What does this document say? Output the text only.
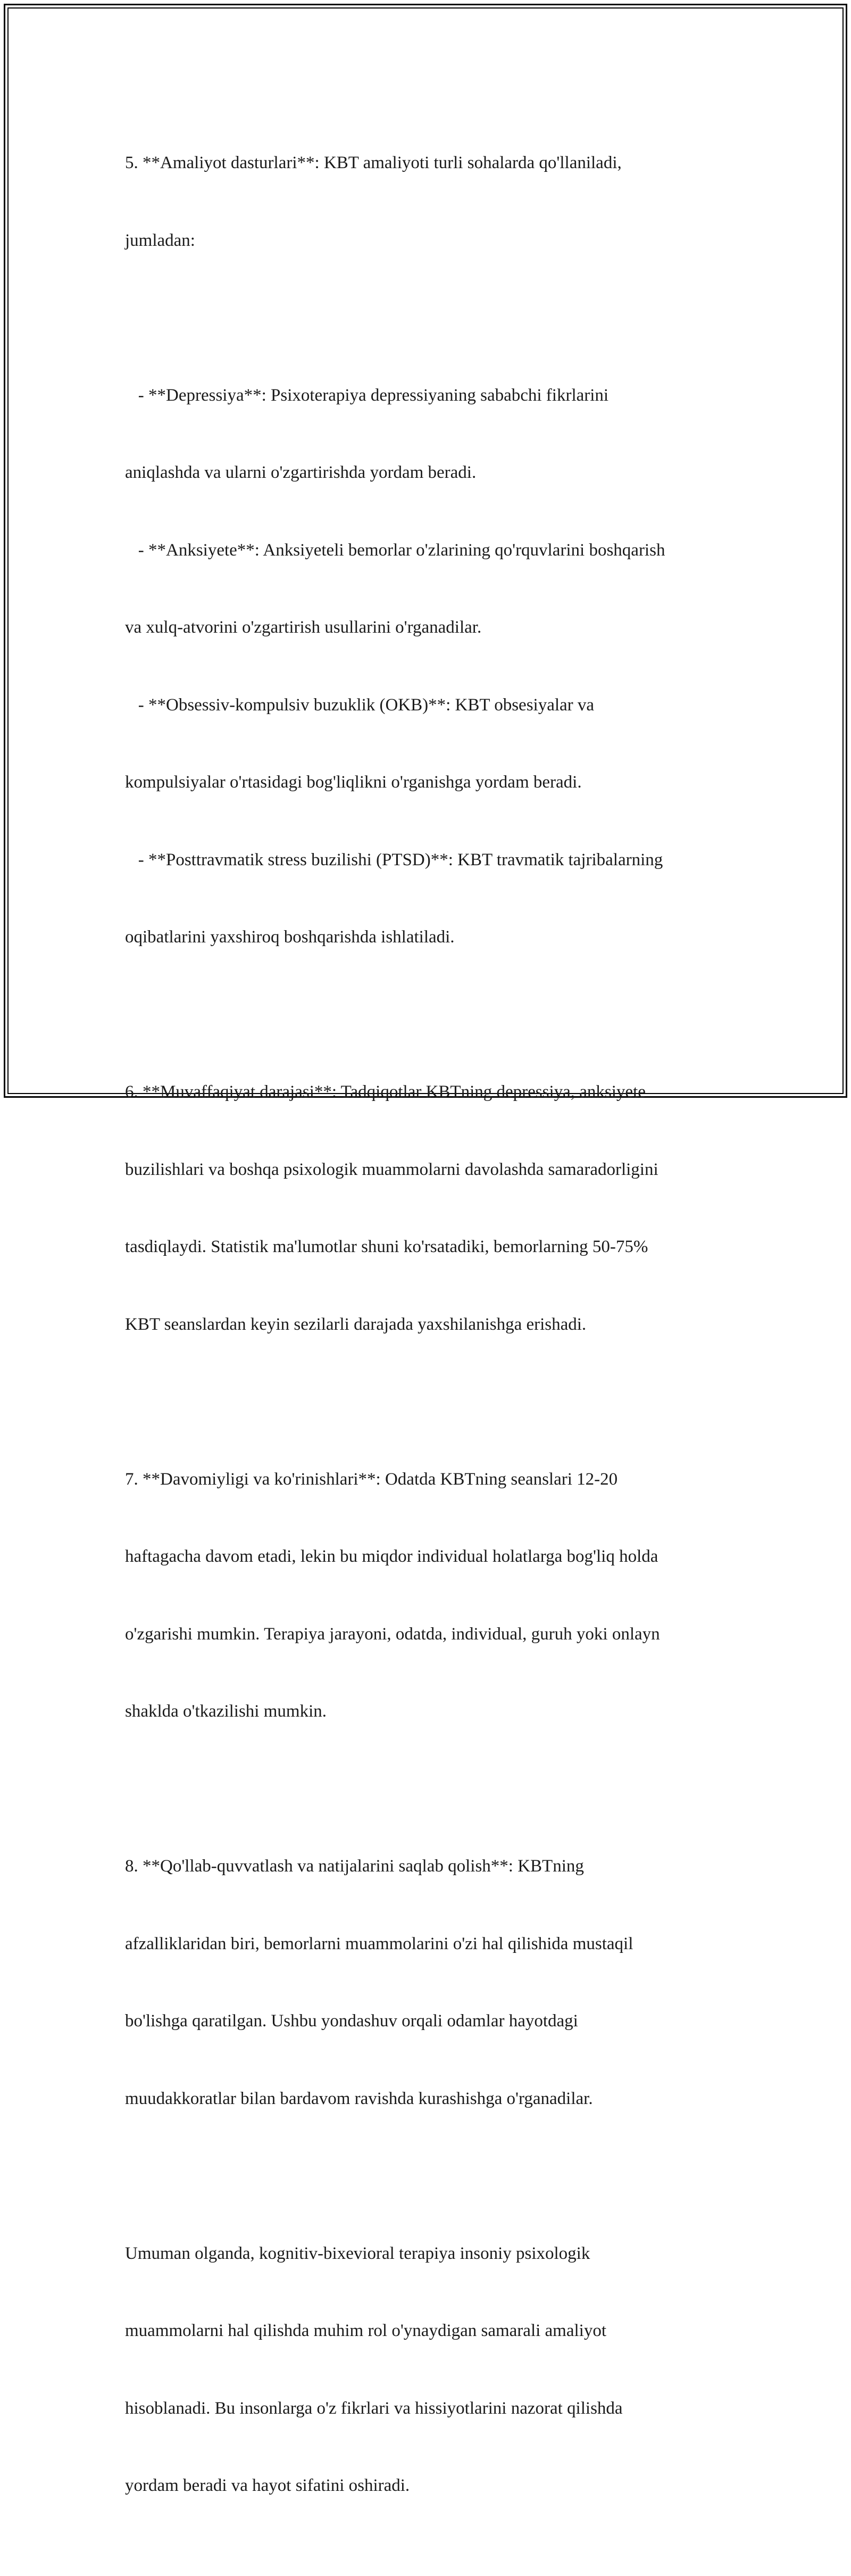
5. **Amaliyot dasturlari**: KBT amaliyoti turli sohalarda qo'llaniladi,

jumladan:

- **Depressiya**: Psixoterapiya depressiyaning sababchi fikrlarini

aniqlashda va ularni o'zgartirishda yordam beradi.

- **Anksiyete**: Anksiyeteli bemorlar o'zlarining qo'rquvlarini boshqarish

va xulq-atvorini o'zgartirish usullarini o'rganadilar.

- **Obsessiv-kompulsiv buzuklik (OKB)**: KBT obsesiyalar va

kompulsiyalar o'rtasidagi bog'liqlikni o'rganishga yordam beradi.

- **Posttravmatik stress buzilishi (PTSD)**: KBT travmatik tajribalarning

oqibatlarini yaxshiroq boshqarishda ishlatiladi.

6. **Muvaffaqiyat darajasi**: Tadqiqotlar KBTning depressiya, anksiyete

buzilishlari va boshqa psixologik muammolarni davolashda samaradorligini

tasdiqlaydi. Statistik ma'lumotlar shuni ko'rsatadiki, bemorlarning 50-75%

KBT seanslardan keyin sezilarli darajada yaxshilanishga erishadi.

7. **Davomiyligi va ko'rinishlari**: Odatda KBTning seanslari 12-20

haftagacha davom etadi, lekin bu miqdor individual holatlarga bog'liq holda

o'zgarishi mumkin. Terapiya jarayoni, odatda, individual, guruh yoki onlayn

shaklda o'tkazilishi mumkin.

8. **Qo'llab-quvvatlash va natijalarini saqlab qolish**: KBTning

afzalliklaridan biri, bemorlarni muammolarini o'zi hal qilishida mustaqil

bo'lishga qaratilgan. Ushbu yondashuv orqali odamlar hayotdagi

muudakkoratlar bilan bardavom ravishda kurashishga o'rganadilar.

Umuman olganda, kognitiv-bixevioral terapiya insoniy psixologik

muammolarni hal qilishda muhim rol o'ynaydigan samarali amaliyot

hisoblanadi. Bu insonlarga o'z fikrlari va hissiyotlarini nazorat qilishda

yordam beradi va hayot sifatini oshiradi.
